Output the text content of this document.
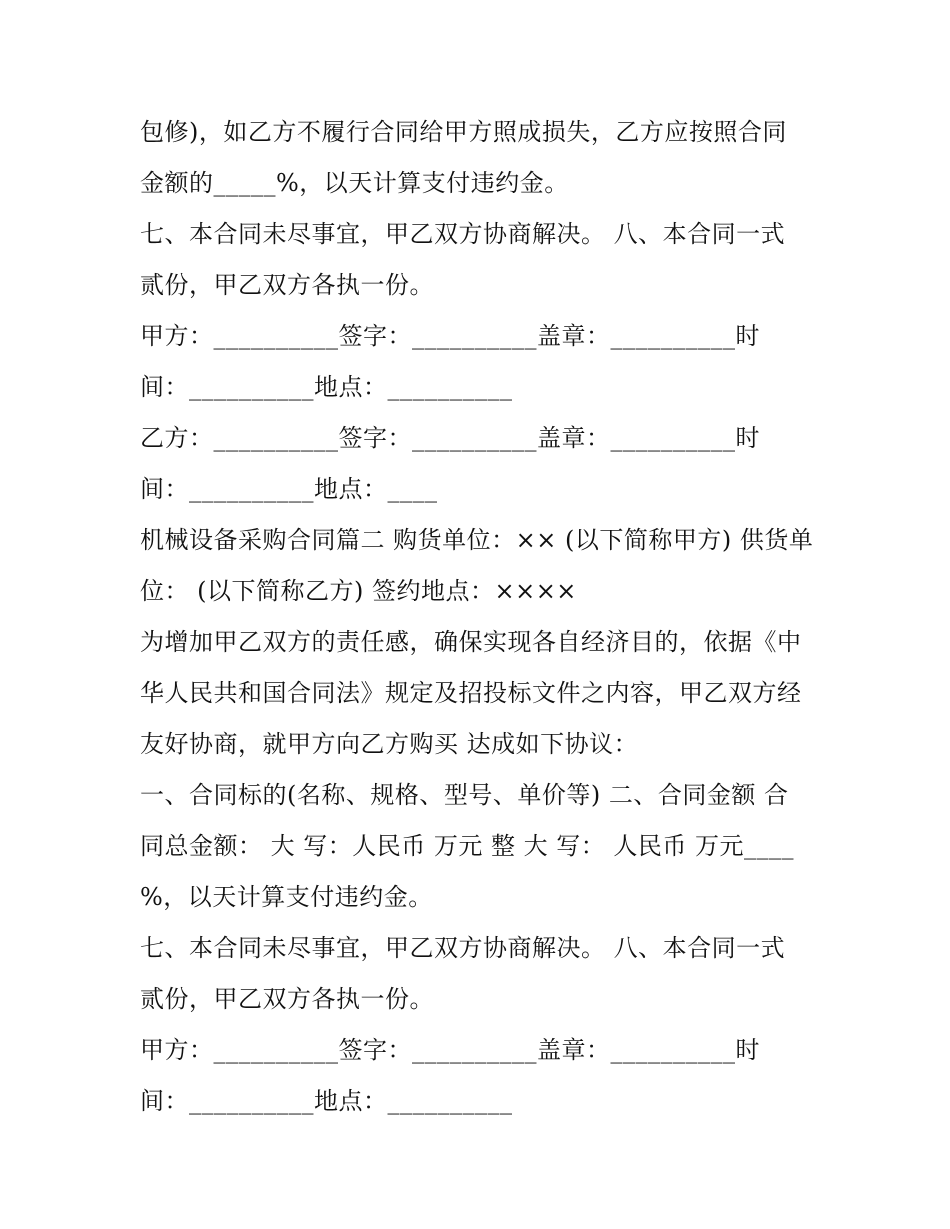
包修)，如乙方不履行合同给甲方照成损失，乙方应按照合同
金额的_____%，以天计算支付违约金。
七、本合同未尽事宜，甲乙双方协商解决。 八、本合同一式
贰份，甲乙双方各执一份。
甲方：__________签字：__________盖章：__________时
间：__________地点：__________
乙方：__________签字：__________盖章：__________时
间：__________地点：____
机械设备采购合同篇二 购货单位：×× (以下简称甲方) 供货单
位： (以下简称乙方) 签约地点：××××
为增加甲乙双方的责任感，确保实现各自经济目的，依据《中
华人民共和国合同法》规定及招投标文件之内容，甲乙双方经
友好协商，就甲方向乙方购买 达成如下协议：
一、合同标的(名称、规格、型号、单价等) 二、合同金额 合
同总金额： 大 写：人民币 万元 整 大 写： 人民币 万元____
%，以天计算支付违约金。
七、本合同未尽事宜，甲乙双方协商解决。 八、本合同一式
贰份，甲乙双方各执一份。
甲方：__________签字：__________盖章：__________时
间：__________地点：__________
